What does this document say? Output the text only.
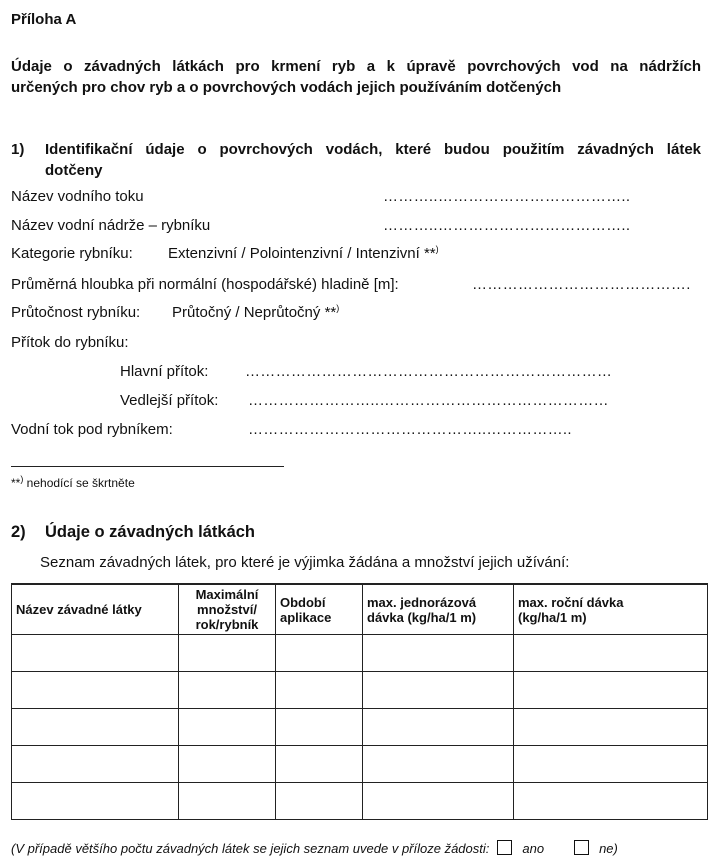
Příloha A
Údaje o závadných látkách pro krmení ryb a k úpravě povrchových vod na nádržích
určených pro chov ryb a o povrchových vodách jejich používáním dotčených
1) Identifikační údaje o povrchových vodách, které budou použitím závadných látek
dotčeny
Název vodního toku	………..………………………………..
Název vodní nádrže – rybníku	………..………………………………..
Kategorie rybníku: Extenzivní / Polointenzivní / Intenzivní **)
Průměrná hloubka při normální (hospodářské) hladině [m]:	…………………………………….
Průtočnost rybníku: Průtočný / Neprůtočný **)
Přítok do rybníku:
Hlavní přítok: ………………………………………………………………
Vedlejší přítok: ……………………..………………………………………
Vodní tok pod rybníkem:	………………………………………..……………..
**) nehodící se škrtněte
2) Údaje o závadných látkách
Seznam závadných látek, pro které je výjimka žádána a množství jejich užívání:
Název závadné látky	Maximální množství/ rok/rybník	Období aplikace	max. jednorázová dávka (kg/ha/1 m)	max. roční dávka (kg/ha/1 m)

(V případě většího počtu závadných látek se jejich seznam uvede v příloze žádosti:	ano	ne)
